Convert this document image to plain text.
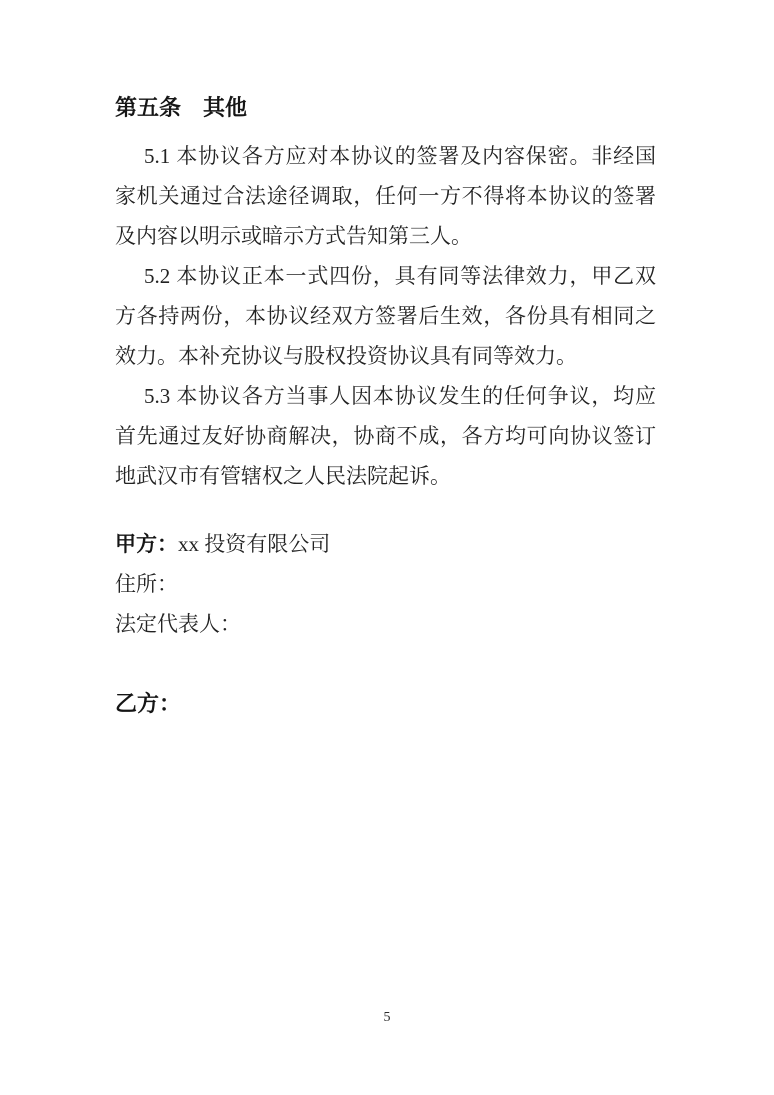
第五条 其他

5.1 本协议各方应对本协议的签署及内容保密。非经国家机关通过合法途径调取，任何一方不得将本协议的签署及内容以明示或暗示方式告知第三人。

5.2 本协议正本一式四份，具有同等法律效力，甲乙双方各持两份，本协议经双方签署后生效，各份具有相同之效力。本补充协议与股权投资协议具有同等效力。

5.3 本协议各方当事人因本协议发生的任何争议，均应首先通过友好协商解决，协商不成，各方均可向协议签订地武汉市有管辖权之人民法院起诉。

甲方：xx 投资有限公司

住所：

法定代表人：

乙方：

5
